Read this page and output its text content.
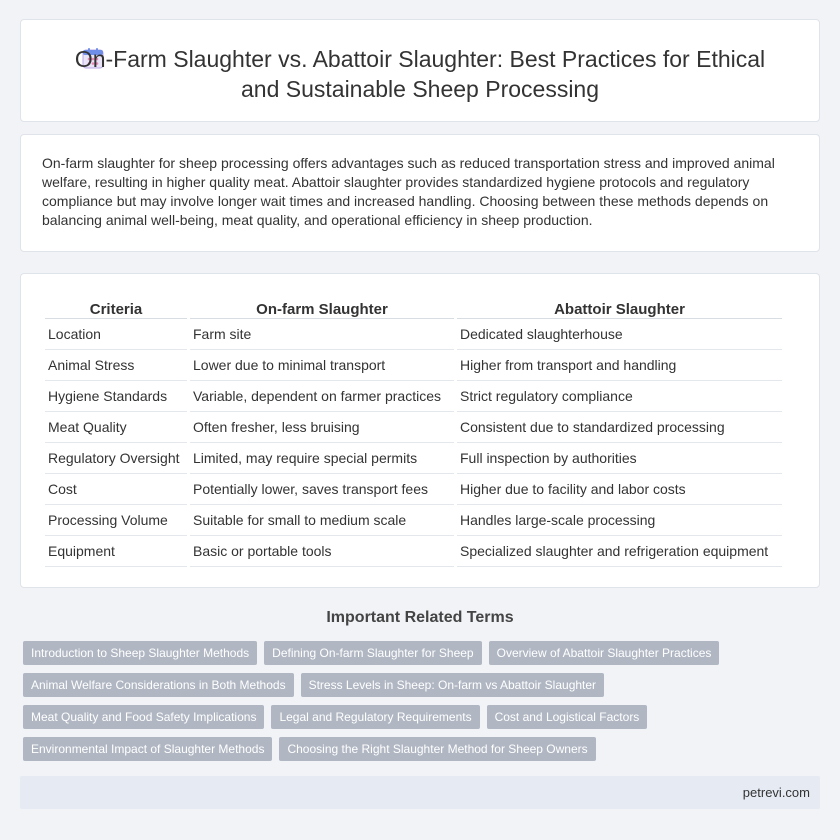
On-Farm Slaughter vs. Abattoir Slaughter: Best Practices for Ethical and Sustainable Sheep Processing

On-farm slaughter for sheep processing offers advantages such as reduced transportation stress and improved animal welfare, resulting in higher quality meat. Abattoir slaughter provides standardized hygiene protocols and regulatory compliance but may involve longer wait times and increased handling. Choosing between these methods depends on balancing animal well-being, meat quality, and operational efficiency in sheep production.

Criteria	On-farm Slaughter	Abattoir Slaughter
Location	Farm site	Dedicated slaughterhouse
Animal Stress	Lower due to minimal transport	Higher from transport and handling
Hygiene Standards	Variable, dependent on farmer practices	Strict regulatory compliance
Meat Quality	Often fresher, less bruising	Consistent due to standardized processing
Regulatory Oversight	Limited, may require special permits	Full inspection by authorities
Cost	Potentially lower, saves transport fees	Higher due to facility and labor costs
Processing Volume	Suitable for small to medium scale	Handles large-scale processing
Equipment	Basic or portable tools	Specialized slaughter and refrigeration equipment
Important Related Terms
Introduction to Sheep Slaughter Methods	Defining On-farm Slaughter for Sheep	Overview of Abattoir Slaughter Practices
Animal Welfare Considerations in Both Methods	Stress Levels in Sheep: On-farm vs Abattoir Slaughter
Meat Quality and Food Safety Implications	Legal and Regulatory Requirements	Cost and Logistical Factors
Environmental Impact of Slaughter Methods	Choosing the Right Slaughter Method for Sheep Owners
petrevi.com
